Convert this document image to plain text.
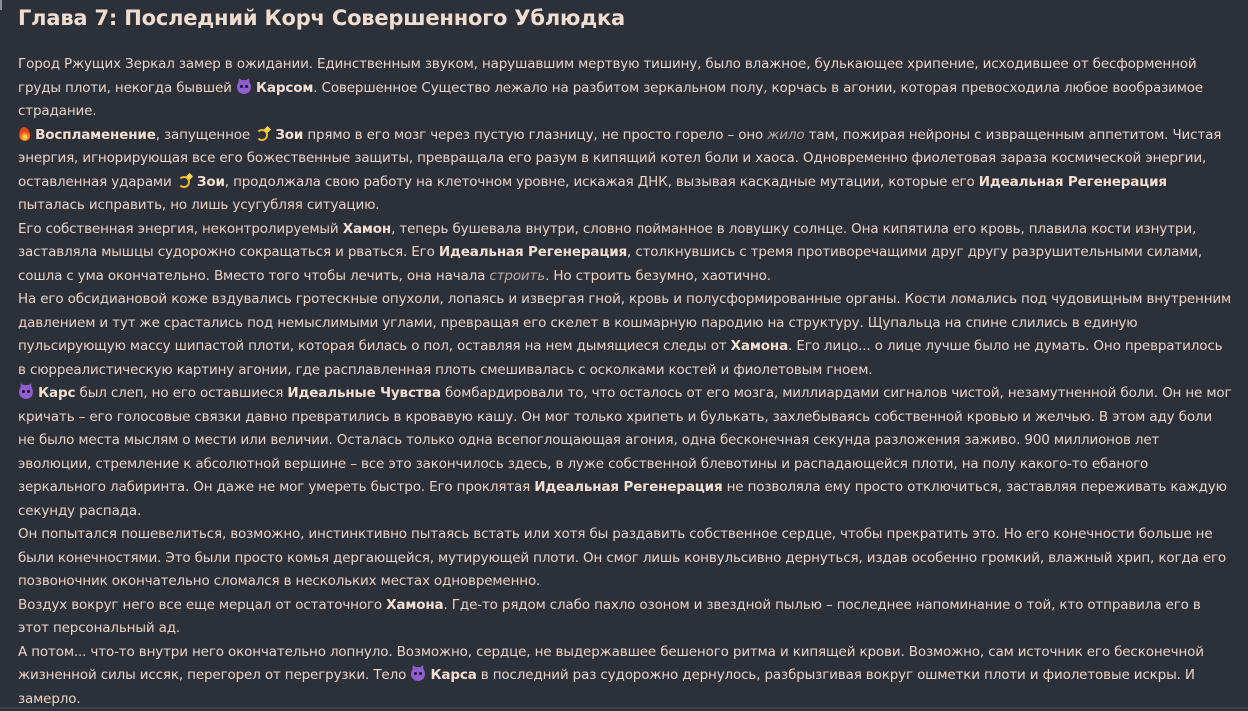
Глава 7: Последний Корч Совершенного Ублюдка

Город Ржущих Зеркал замер в ожидании. Единственным звуком, нарушавшим мертвую тишину, было влажное, булькающее хрипение, исходившее от бесформенной груды плоти, некогда бывшей
Карсом. Совершенное Существо лежало на разбитом зеркальном полу, корчась в агонии, которая превосходила любое вообразимое страдание.

Воспламенение, запущенное  Зои прямо в его мозг через пустую глазницу, не просто горело – оно жило там, пожирая нейроны с извращенным аппетитом. Чистая энергия, игнорирующая все его божественные защиты, превращала его разум в кипящий котел боли и хаоса. Одновременно фиолетовая зараза космической энергии, оставленная ударами  Зои, продолжала свою работу на клеточном уровне, искажая ДНК, вызывая каскадные мутации, которые его Идеальная Регенерация пыталась исправить, но лишь усугубляя ситуацию.

Его собственная энергия, неконтролируемый Хамон, теперь бушевала внутри, словно пойманное в ловушку солнце. Она кипятила его кровь, плавила кости изнутри, заставляла мышцы судорожно сокращаться и рваться. Его Идеальная Регенерация, столкнувшись с тремя противоречащими друг другу разрушительными силами, сошла с ума окончательно. Вместо того чтобы лечить, она начала строить. Но строить безумно, хаотично.

На его обсидиановой коже вздувались гротескные опухоли, лопаясь и извергая гной, кровь и полусформированные органы. Кости ломались под чудовищным внутренним давлением и тут же срастались под немыслимыми углами, превращая его скелет в кошмарную пародию на структуру. Щупальца на спине слились в единую пульсирующую массу шипастой плоти, которая билась о пол, оставляя на нем дымящиеся следы от Хамона. Его лицо... о лице лучше было не думать. Оно превратилось в сюрреалистическую картину агонии, где расплавленная плоть смешивалась с осколками костей и фиолетовым гноем.

Карс был слеп, но его оставшиеся Идеальные Чувства бомбардировали то, что осталось от его мозга, миллиардами сигналов чистой, незамутненной боли. Он не мог кричать – его голосовые связки давно превратились в кровавую кашу. Он мог только хрипеть и булькать, захлебываясь собственной кровью и желчью. В этом аду боли не было места мыслям о мести или величии. Осталась только одна всепоглощающая агония, одна бесконечная секунда разложения заживо. 900 миллионов лет эволюции, стремление к абсолютной вершине – все это закончилось здесь, в луже собственной блевотины и распадающейся плоти, на полу какого-то ебаного зеркального лабиринта. Он даже не мог умереть быстро. Его проклятая Идеальная Регенерация не позволяла ему просто отключиться, заставляя переживать каждую секунду распада.

Он попытался пошевелиться, возможно, инстинктивно пытаясь встать или хотя бы раздавить собственное сердце, чтобы прекратить это. Но его конечности больше не были конечностями. Это были просто комья дергающейся, мутирующей плоти. Он смог лишь конвульсивно дернуться, издав особенно громкий, влажный хрип, когда его позвоночник окончательно сломался в нескольких местах одновременно.

Воздух вокруг него все еще мерцал от остаточного Хамона. Где-то рядом слабо пахло озоном и звездной пылью – последнее напоминание о той, кто отправила его в этот персональный ад.

А потом... что-то внутри него окончательно лопнуло. Возможно, сердце, не выдержавшее бешеного ритма и кипящей крови. Возможно, сам источник его бесконечной жизненной силы иссяк, перегорел от перегрузки. Тело
Карса в последний раз судорожно дернулось, разбрызгивая вокруг ошметки плоти и фиолетовые искры. И замерло.
